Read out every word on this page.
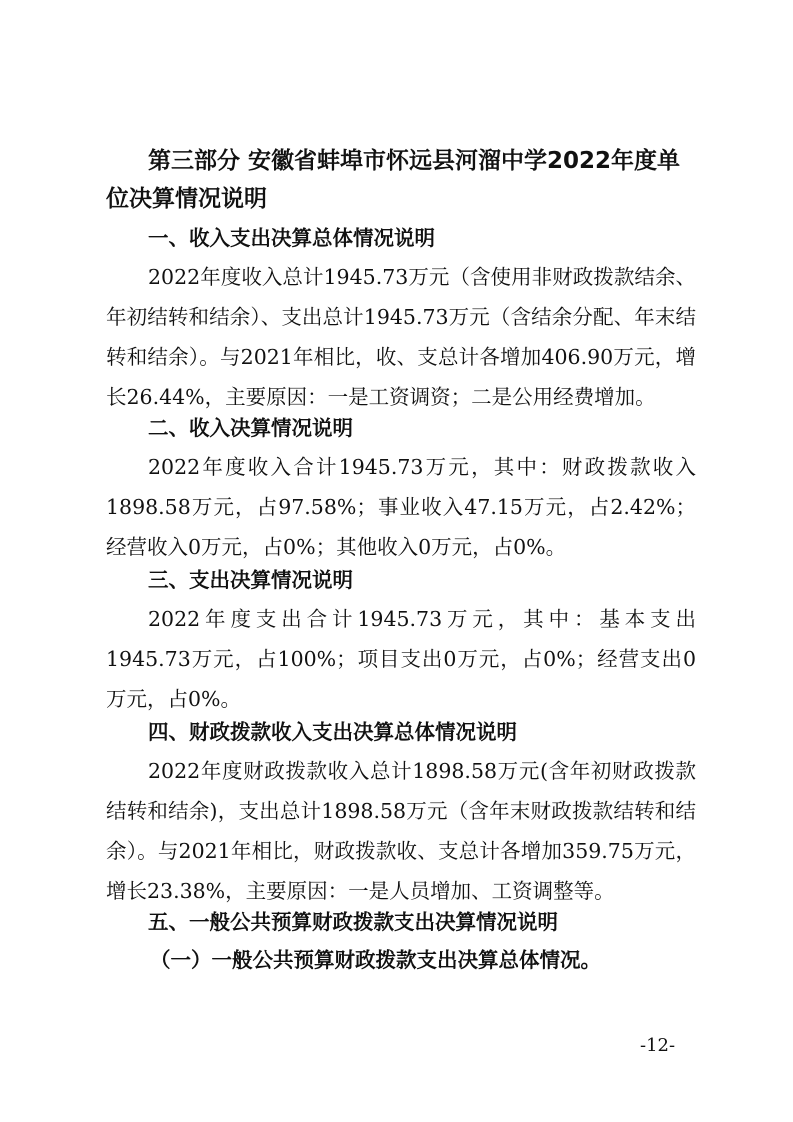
第三部分 安徽省蚌埠市怀远县河溜中学2022年度单位决算情况说明
一、收入支出决算总体情况说明
2022年度收入总计1945.73万元（含使用非财政拨款结余、年初结转和结余）、支出总计1945.73万元（含结余分配、年末结转和结余）。与2021年相比，收、支总计各增加406.90万元，增长26.44%，主要原因：一是工资调资；二是公用经费增加。
二、收入决算情况说明
2022年度收入合计1945.73万元，其中：财政拨款收入1898.58万元，占97.58%；事业收入47.15万元，占2.42%；经营收入0万元，占0%；其他收入0万元，占0%。
三、支出决算情况说明
2022年度支出合计1945.73万元，其中：基本支出1945.73万元，占100%；项目支出0万元，占0%；经营支出0万元，占0%。
四、财政拨款收入支出决算总体情况说明
2022年度财政拨款收入总计1898.58万元(含年初财政拨款结转和结余)，支出总计1898.58万元（含年末财政拨款结转和结余）。与2021年相比，财政拨款收、支总计各增加359.75万元，增长23.38%，主要原因：一是人员增加、工资调整等。
五、一般公共预算财政拨款支出决算情况说明
（一）一般公共预算财政拨款支出决算总体情况。
-12-
